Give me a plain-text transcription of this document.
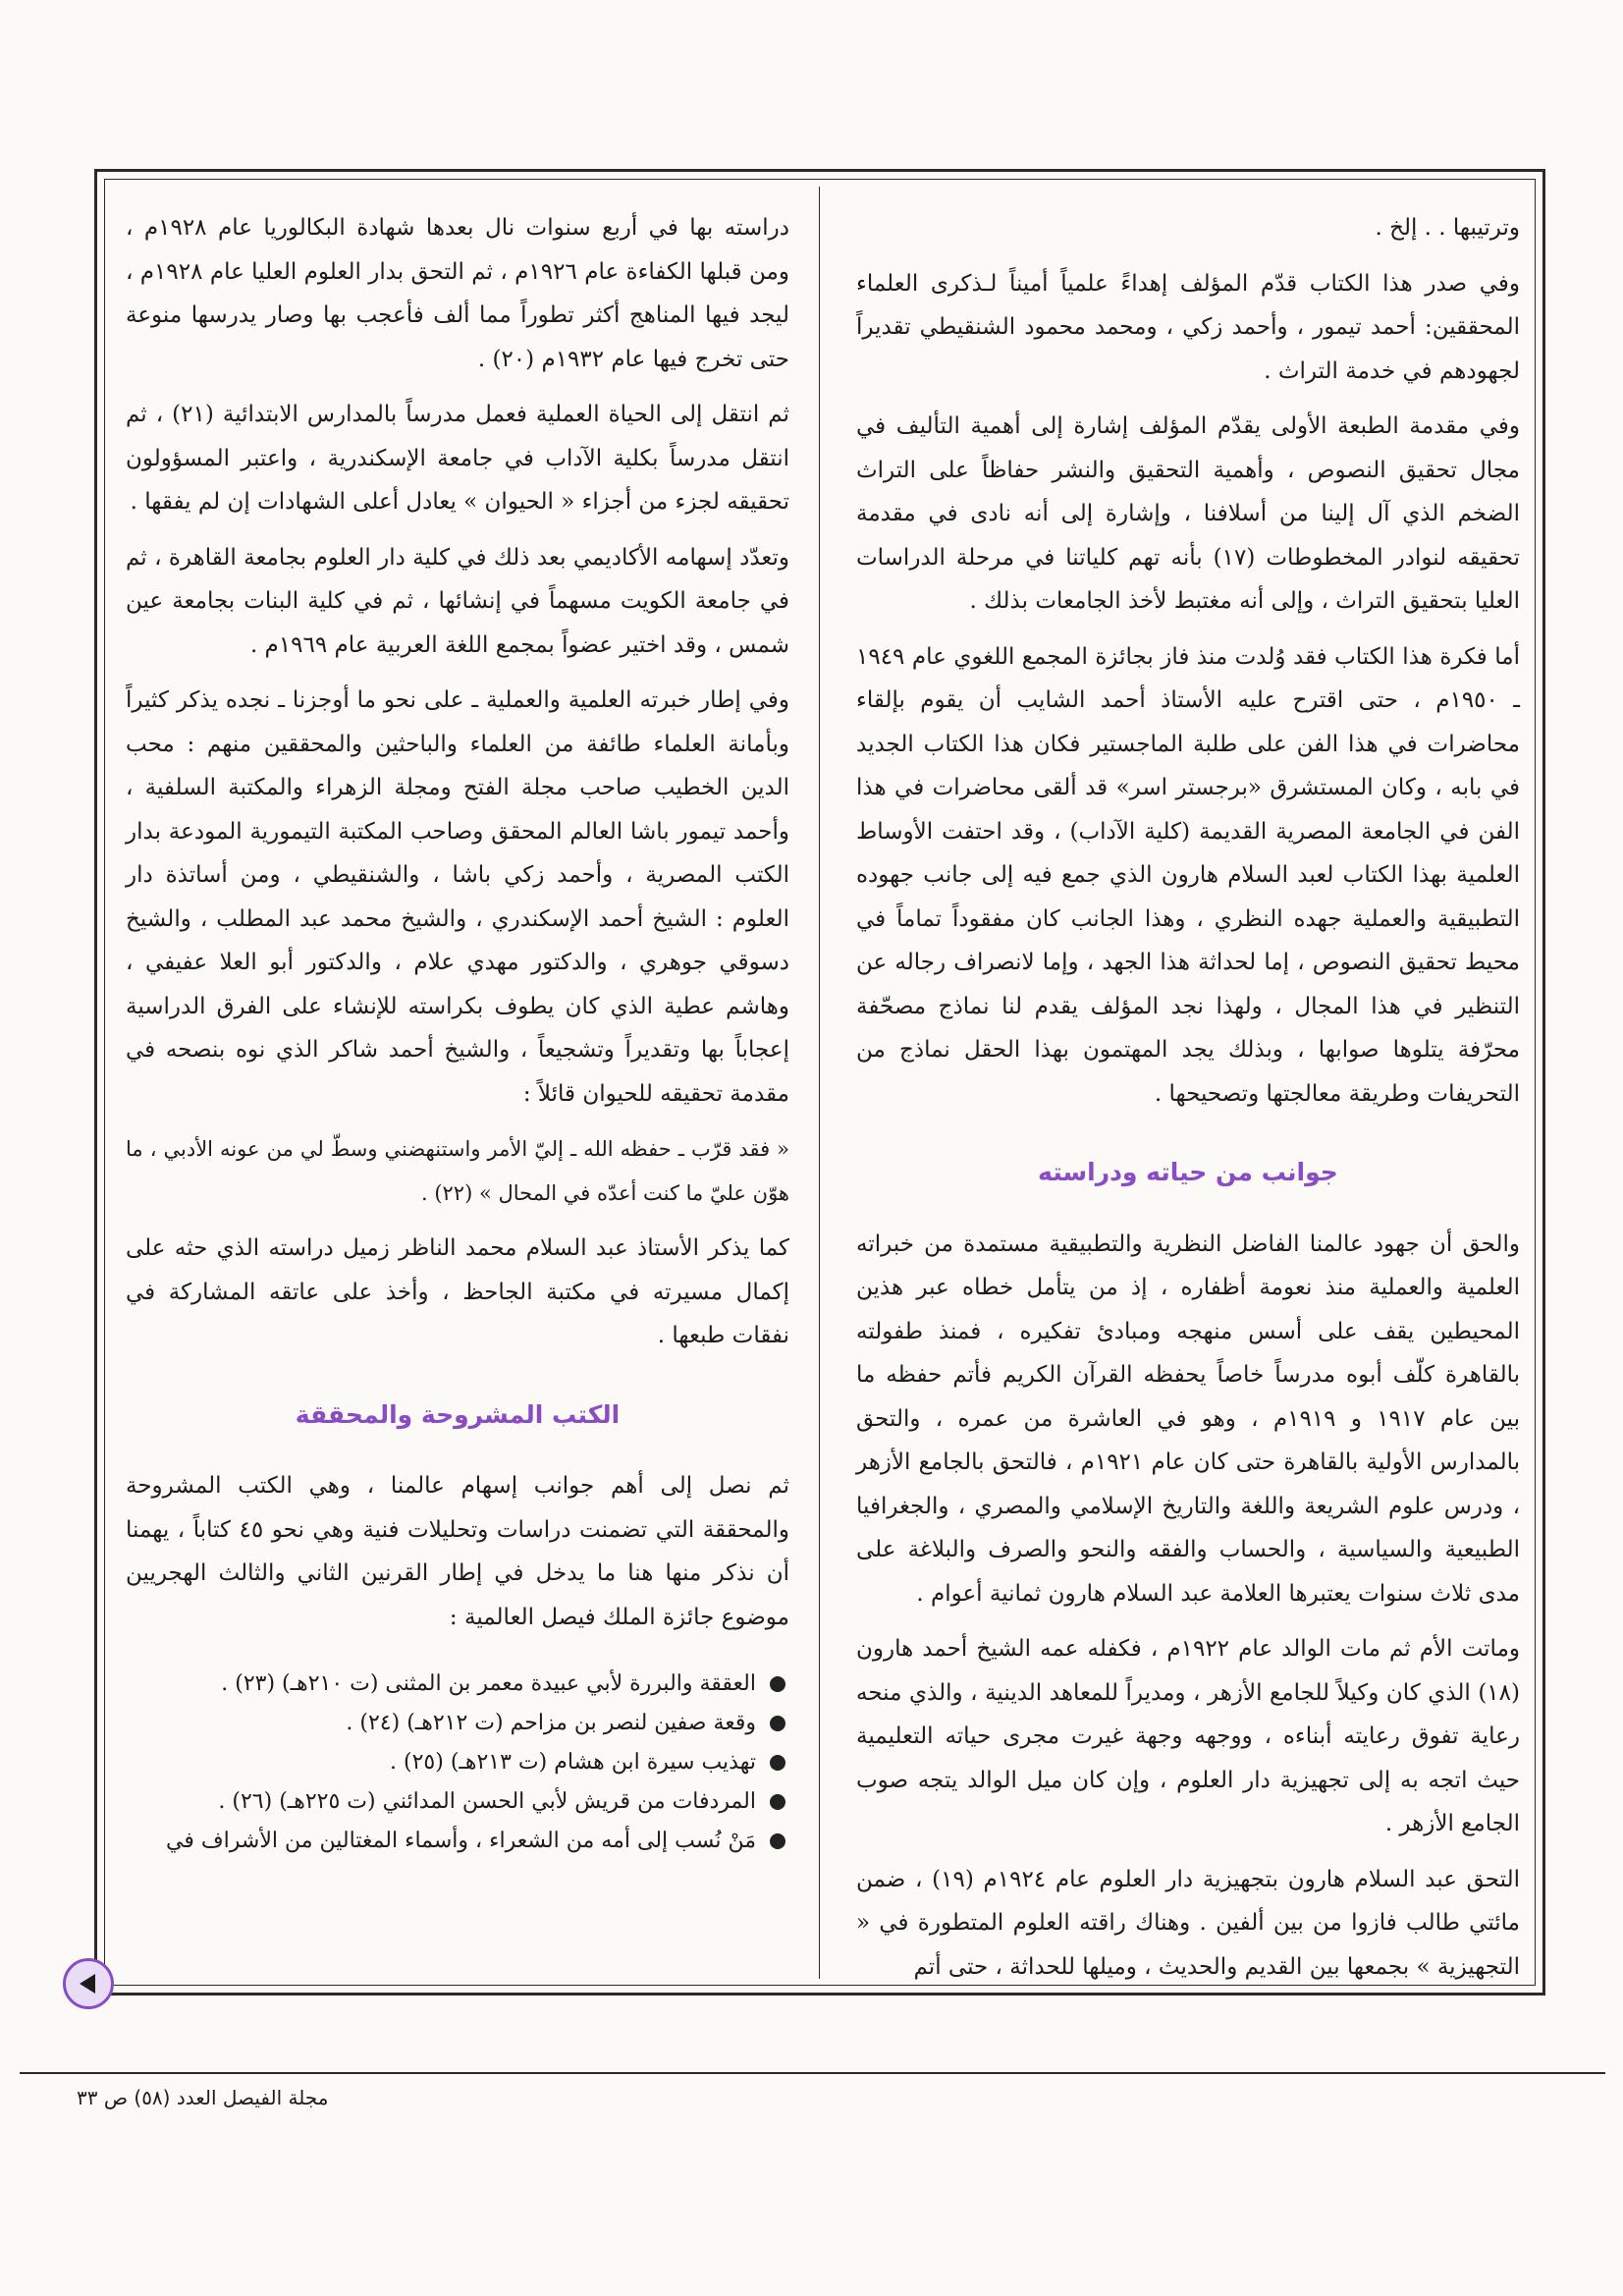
وترتيبها . . إلخ .

وفي صدر هذا الكتاب قدّم المؤلف إهداءً علمياً أميناً لـذكرى العلماء المحققين: أحمد تيمور ، وأحمد زكي ، ومحمد محمود الشنقيطي تقديراً لجهودهم في خدمة التراث .

وفي مقدمة الطبعة الأولى يقدّم المؤلف إشارة إلى أهمية التأليف في مجال تحقيق النصوص ، وأهمية التحقيق والنشر حفاظاً على التراث الضخم الذي آل إلينا من أسلافنا ، وإشارة إلى أنه نادى في مقدمة تحقيقه لنوادر المخطوطات (١٧) بأنه تهم كلياتنا في مرحلة الدراسات العليا بتحقيق التراث ، وإلى أنه مغتبط لأخذ الجامعات بذلك .

أما فكرة هذا الكتاب فقد وُلدت منذ فاز بجائزة المجمع اللغوي عام ١٩٤٩ ـ ١٩٥٠م ، حتى اقترح عليه الأستاذ أحمد الشايب أن يقوم بإلقاء محاضرات في هذا الفن على طلبة الماجستير فكان هذا الكتاب الجديد في بابه ، وكان المستشرق «برجستر اسر» قد ألقى محاضرات في هذا الفن في الجامعة المصرية القديمة (كلية الآداب) ، وقد احتفت الأوساط العلمية بهذا الكتاب لعبد السلام هارون الذي جمع فيه إلى جانب جهوده التطبيقية والعملية جهده النظري ، وهذا الجانب كان مفقوداً تماماً في محيط تحقيق النصوص ، إما لحداثة هذا الجهد ، وإما لانصراف رجاله عن التنظير في هذا المجال ، ولهذا نجد المؤلف يقدم لنا نماذج مصحّفة محرّفة يتلوها صوابها ، وبذلك يجد المهتمون بهذا الحقل نماذج من التحريفات وطريقة معالجتها وتصحيحها .

جوانب من حياته ودراسته

والحق أن جهود عالمنا الفاضل النظرية والتطبيقية مستمدة من خبراته العلمية والعملية منذ نعومة أظفاره ، إذ من يتأمل خطاه عبر هذين المحيطين يقف على أسس منهجه ومبادئ تفكيره ، فمنذ طفولته بالقاهرة كلّف أبوه مدرساً خاصاً يحفظه القرآن الكريم فأتم حفظه ما بين عام ١٩١٧ و ١٩١٩م ، وهو في العاشرة من عمره ، والتحق بالمدارس الأولية بالقاهرة حتى كان عام ١٩٢١م ، فالتحق بالجامع الأزهر ، ودرس علوم الشريعة واللغة والتاريخ الإسلامي والمصري ، والجغرافيا الطبيعية والسياسية ، والحساب والفقه والنحو والصرف والبلاغة على مدى ثلاث سنوات يعتبرها العلامة عبد السلام هارون ثمانية أعوام .

وماتت الأم ثم مات الوالد عام ١٩٢٢م ، فكفله عمه الشيخ أحمد هارون (١٨) الذي كان وكيلاً للجامع الأزهر ، ومديراً للمعاهد الدينية ، والذي منحه رعاية تفوق رعايته أبناءه ، ووجهه وجهة غيرت مجرى حياته التعليمية حيث اتجه به إلى تجهيزية دار العلوم ، وإن كان ميل الوالد يتجه صوب الجامع الأزهر .

التحق عبد السلام هارون بتجهيزية دار العلوم عام ١٩٢٤م (١٩) ، ضمن مائتي طالب فازوا من بين ألفين . وهناك راقته العلوم المتطورة في « التجهيزية » بجمعها بين القديم والحديث ، وميلها للحداثة ، حتى أتم

دراسته بها في أربع سنوات نال بعدها شهادة البكالوريا عام ١٩٢٨م ، ومن قبلها الكفاءة عام ١٩٢٦م ، ثم التحق بدار العلوم العليا عام ١٩٢٨م ، ليجد فيها المناهج أكثر تطوراً مما ألف فأعجب بها وصار يدرسها منوعة حتى تخرج فيها عام ١٩٣٢م (٢٠) .

ثم انتقل إلى الحياة العملية فعمل مدرساً بالمدارس الابتدائية (٢١) ، ثم انتقل مدرساً بكلية الآداب في جامعة الإسكندرية ، واعتبر المسؤولون تحقيقه لجزء من أجزاء « الحيوان » يعادل أعلى الشهادات إن لم يفقها .

وتعدّد إسهامه الأكاديمي بعد ذلك في كلية دار العلوم بجامعة القاهرة ، ثم في جامعة الكويت مسهماً في إنشائها ، ثم في كلية البنات بجامعة عين شمس ، وقد اختير عضواً بمجمع اللغة العربية عام ١٩٦٩م .

وفي إطار خبرته العلمية والعملية ـ على نحو ما أوجزنا ـ نجده يذكر كثيراً وبأمانة العلماء طائفة من العلماء والباحثين والمحققين منهم : محب الدين الخطيب صاحب مجلة الفتح ومجلة الزهراء والمكتبة السلفية ، وأحمد تيمور باشا العالم المحقق وصاحب المكتبة التيمورية المودعة بدار الكتب المصرية ، وأحمد زكي باشا ، والشنقيطي ، ومن أساتذة دار العلوم : الشيخ أحمد الإسكندري ، والشيخ محمد عبد المطلب ، والشيخ دسوقي جوهري ، والدكتور مهدي علام ، والدكتور أبو العلا عفيفي ، وهاشم عطية الذي كان يطوف بكراسته للإنشاء على الفرق الدراسية إعجاباً بها وتقديراً وتشجيعاً ، والشيخ أحمد شاكر الذي نوه بنصحه في مقدمة تحقيقه للحيوان قائلاً :

« فقد قرّب ـ حفظه الله ـ إليّ الأمر واستنهضني وسطّ لي من عونه الأدبي ، ما هوّن عليّ ما كنت أعدّه في المحال » (٢٢) .

كما يذكر الأستاذ عبد السلام محمد الناظر زميل دراسته الذي حثه على إكمال مسيرته في مكتبة الجاحظ ، وأخذ على عاتقه المشاركة في نفقات طبعها .

الكتب المشروحة والمحققة

ثم نصل إلى أهم جوانب إسهام عالمنا ، وهي الكتب المشروحة والمحققة التي تضمنت دراسات وتحليلات فنية وهي نحو ٤٥ كتاباً ، يهمنا أن نذكر منها هنا ما يدخل في إطار القرنين الثاني والثالث الهجريين موضوع جائزة الملك فيصل العالمية :

العققة والبررة لأبي عبيدة معمر بن المثنى (ت ٢١٠هـ) (٢٣) .
وقعة صفين لنصر بن مزاحم (ت ٢١٢هـ) (٢٤) .
تهذيب سيرة ابن هشام (ت ٢١٣هـ) (٢٥) .
المردفات من قريش لأبي الحسن المدائني (ت ٢٢٥هـ) (٢٦) .
مَنْ نُسب إلى أمه من الشعراء ، وأسماء المغتالين من الأشراف في
مجلة الفيصل العدد (٥٨) ص ٣٣
